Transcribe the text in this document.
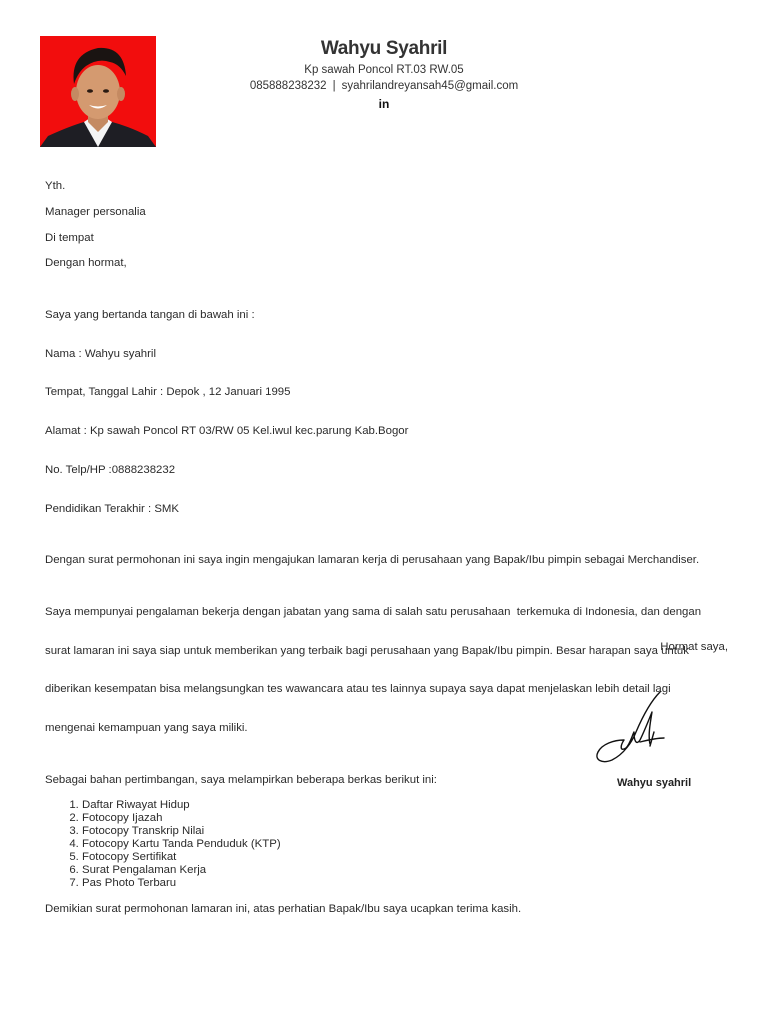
Wahyu Syahril
Kp sawah Poncol RT.03 RW.05
085888238232 | syahrilandreyansah45@gmail.com
in

Yth.

Manager personalia

Di tempat

Dengan hormat,

Saya yang bertanda tangan di bawah ini :

Nama : Wahyu syahril

Tempat, Tanggal Lahir : Depok , 12 Januari 1995

Alamat : Kp sawah Poncol RT 03/RW 05 Kel.iwul kec.parung Kab.Bogor

No. Telp/HP :0888238232

Pendidikan Terakhir : SMK

Dengan surat permohonan ini saya ingin mengajukan lamaran kerja di perusahaan yang Bapak/Ibu pimpin sebagai Merchandiser.

Saya mempunyai pengalaman bekerja dengan jabatan yang sama di salah satu perusahaan  terkemuka di Indonesia, dan dengan

surat lamaran ini saya siap untuk memberikan yang terbaik bagi perusahaan yang Bapak/Ibu pimpin. Besar harapan saya untuk

diberikan kesempatan bisa melangsungkan tes wawancara atau tes lainnya supaya saya dapat menjelaskan lebih detail lagi

mengenai kemampuan yang saya miliki.

Sebagai bahan pertimbangan, saya melampirkan beberapa berkas berikut ini:

1. Daftar Riwayat Hidup
2. Fotocopy Ijazah
3. Fotocopy Transkrip Nilai
4. Fotocopy Kartu Tanda Penduduk (KTP)
5. Fotocopy Sertifikat
6. Surat Pengalaman Kerja
7. Pas Photo Terbaru

Demikian surat permohonan lamaran ini, atas perhatian Bapak/Ibu saya ucapkan terima kasih.

Hormat saya,
Wahyu syahril
